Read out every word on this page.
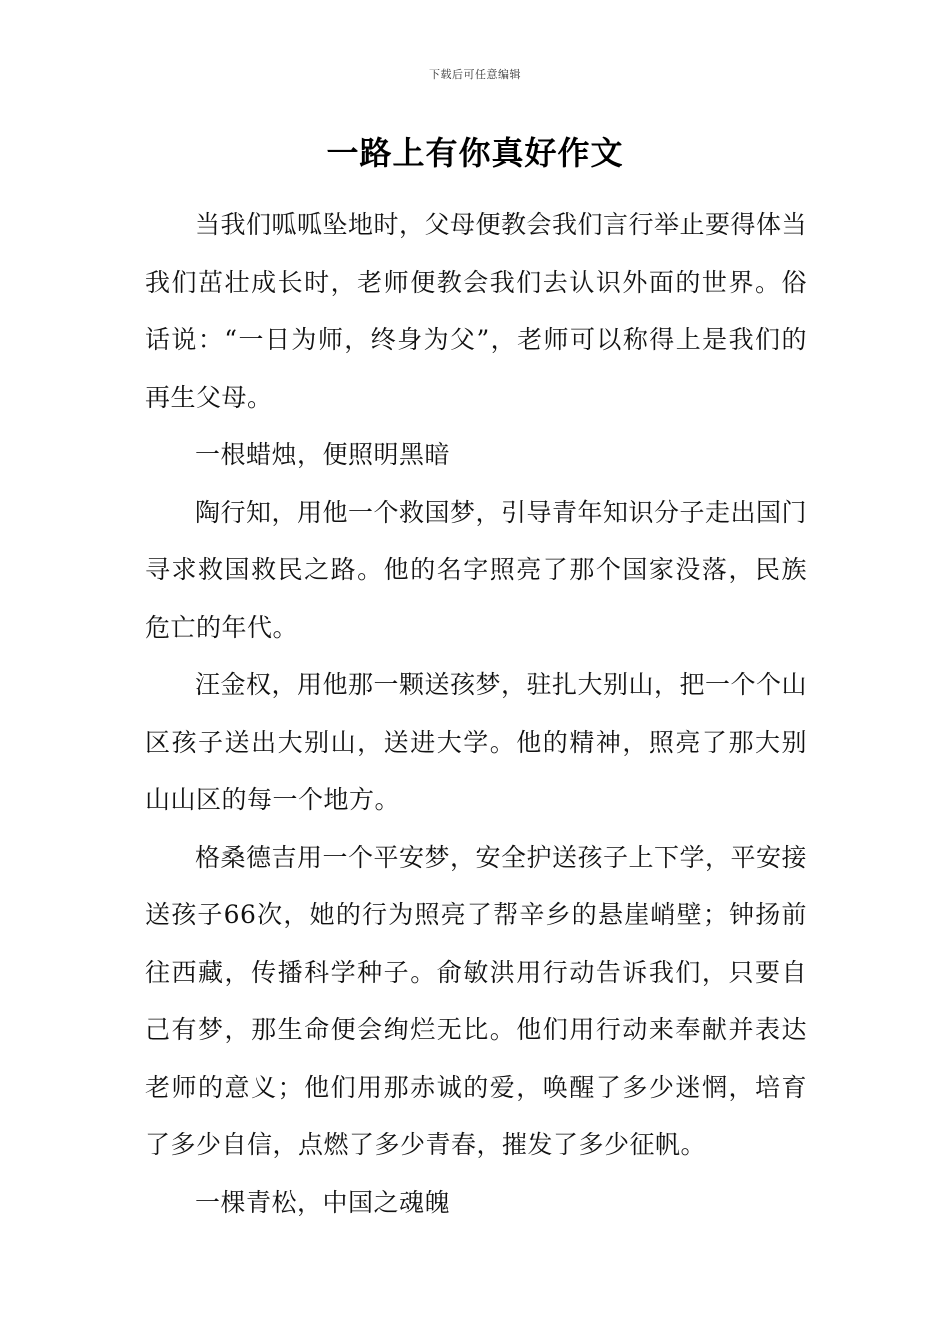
下载后可任意编辑
一路上有你真好作文

当我们呱呱坠地时，父母便教会我们言行举止要得体当我们茁壮成长时，老师便教会我们去认识外面的世界。俗话说：“一日为师，终身为父”，老师可以称得上是我们的再生父母。

一根蜡烛，便照明黑暗

陶行知，用他一个救国梦，引导青年知识分子走出国门寻求救国救民之路。他的名字照亮了那个国家没落，民族危亡的年代。

汪金权，用他那一颗送孩梦，驻扎大别山，把一个个山区孩子送出大别山，送进大学。他的精神，照亮了那大别山山区的每一个地方。

格桑德吉用一个平安梦，安全护送孩子上下学，平安接送孩子66次，她的行为照亮了帮辛乡的悬崖峭壁；钟扬前往西藏，传播科学种子。俞敏洪用行动告诉我们，只要自己有梦，那生命便会绚烂无比。他们用行动来奉献并表达老师的意义；他们用那赤诚的爱，唤醒了多少迷惘，培育了多少自信，点燃了多少青春，摧发了多少征帆。

一棵青松，中国之魂魄
